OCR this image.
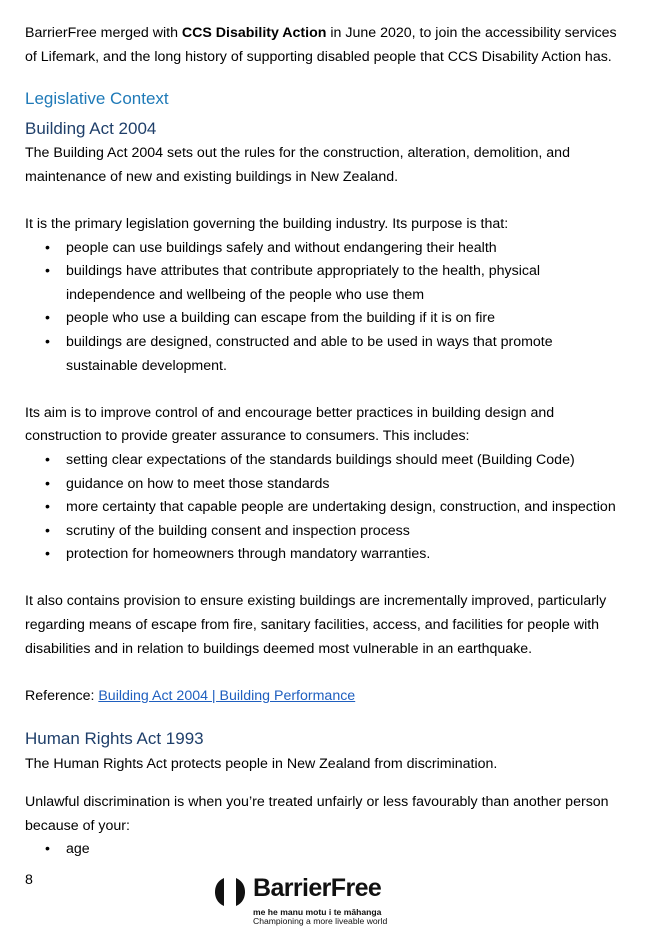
BarrierFree merged with CCS Disability Action in June 2020, to join the accessibility services of Lifemark, and the long history of supporting disabled people that CCS Disability Action has.

Legislative Context
Building Act 2004

The Building Act 2004 sets out the rules for the construction, alteration, demolition, and maintenance of new and existing buildings in New Zealand.

It is the primary legislation governing the building industry. Its purpose is that:

• people can use buildings safely and without endangering their health
• buildings have attributes that contribute appropriately to the health, physical independence and wellbeing of the people who use them
• people who use a building can escape from the building if it is on fire
• buildings are designed, constructed and able to be used in ways that promote sustainable development.

Its aim is to improve control of and encourage better practices in building design and construction to provide greater assurance to consumers. This includes:

• setting clear expectations of the standards buildings should meet (Building Code)
• guidance on how to meet those standards
• more certainty that capable people are undertaking design, construction, and inspection
• scrutiny of the building consent and inspection process
• protection for homeowners through mandatory warranties.

It also contains provision to ensure existing buildings are incrementally improved, particularly regarding means of escape from fire, sanitary facilities, access, and facilities for people with disabilities and in relation to buildings deemed most vulnerable in an earthquake.

Reference: Building Act 2004 | Building Performance

Human Rights Act 1993

The Human Rights Act protects people in New Zealand from discrimination.

Unlawful discrimination is when you’re treated unfairly or less favourably than another person because of your:

• age
8	BarrierFree
me he manu motu i te māhanga
Championing a more liveable world
